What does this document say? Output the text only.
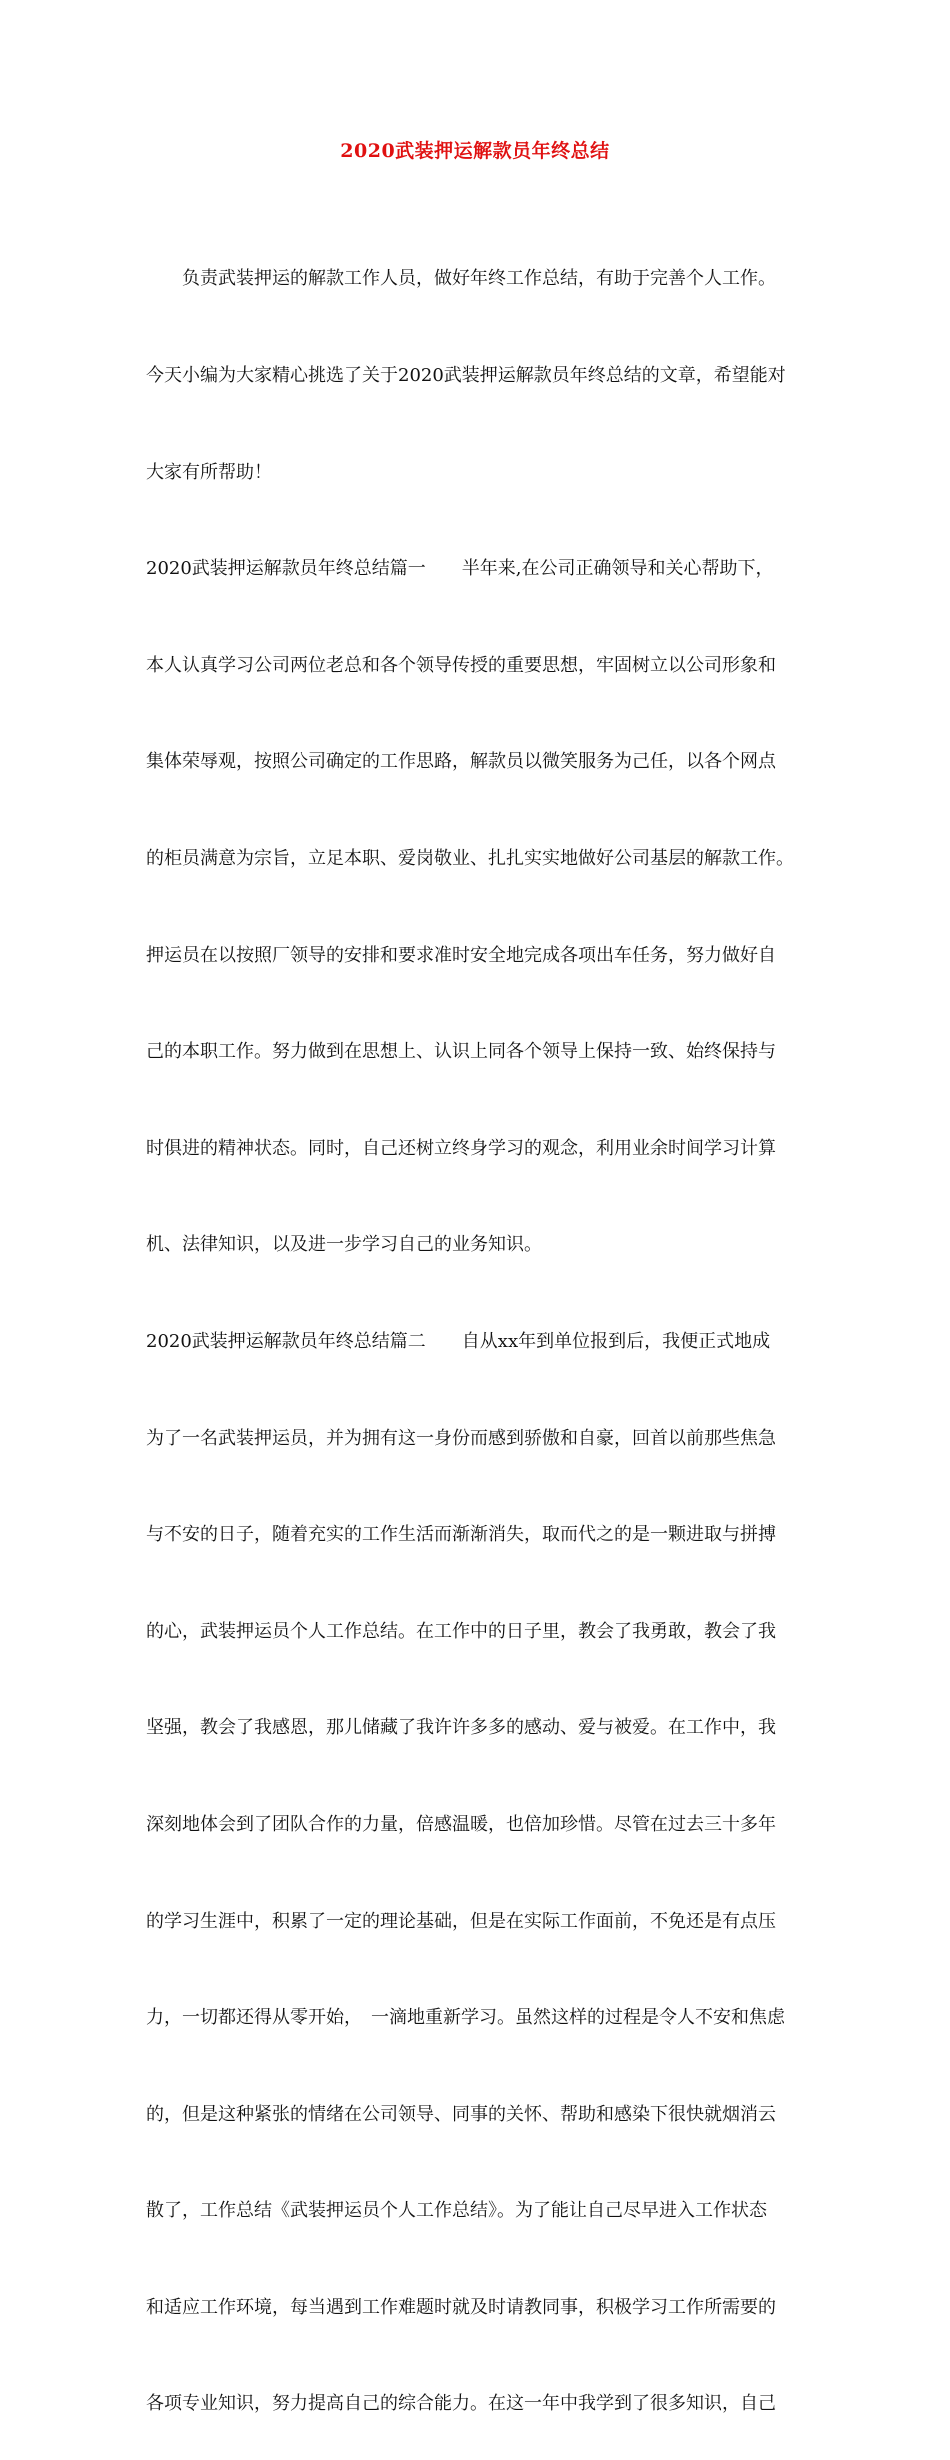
2020武装押运解款员年终总结

　　负责武装押运的解款工作人员，做好年终工作总结，有助于完善个人工作。

今天小编为大家精心挑选了关于2020武装押运解款员年终总结的文章，希望能对

大家有所帮助！

2020武装押运解款员年终总结篇一　　半年来,在公司正确领导和关心帮助下，

本人认真学习公司两位老总和各个领导传授的重要思想，牢固树立以公司形象和

集体荣辱观，按照公司确定的工作思路，解款员以微笑服务为己任，以各个网点

的柜员满意为宗旨，立足本职、爱岗敬业、扎扎实实地做好公司基层的解款工作。

押运员在以按照厂领导的安排和要求准时安全地完成各项出车任务，努力做好自

己的本职工作。努力做到在思想上、认识上同各个领导上保持一致、始终保持与

时俱进的精神状态。同时，自己还树立终身学习的观念，利用业余时间学习计算

机、法律知识，以及进一步学习自己的业务知识。

2020武装押运解款员年终总结篇二　　自从xx年到单位报到后，我便正式地成

为了一名武装押运员，并为拥有这一身份而感到骄傲和自豪，回首以前那些焦急

与不安的日子，随着充实的工作生活而渐渐消失，取而代之的是一颗进取与拼搏

的心，武装押运员个人工作总结。在工作中的日子里，教会了我勇敢，教会了我

坚强，教会了我感恩，那儿储藏了我许许多多的感动、爱与被爱。在工作中，我

深刻地体会到了团队合作的力量，倍感温暖，也倍加珍惜。尽管在过去三十多年

的学习生涯中，积累了一定的理论基础，但是在实际工作面前，不免还是有点压

力，一切都还得从零开始，　一滴地重新学习。虽然这样的过程是令人不安和焦虑

的，但是这种紧张的情绪在公司领导、同事的关怀、帮助和感染下很快就烟消云

散了，工作总结《武装押运员个人工作总结》。为了能让自己尽早进入工作状态

和适应工作环境，每当遇到工作难题时就及时请教同事，积极学习工作所需要的

各项专业知识，努力提高自己的综合能力。在这一年中我学到了很多知识，自己
